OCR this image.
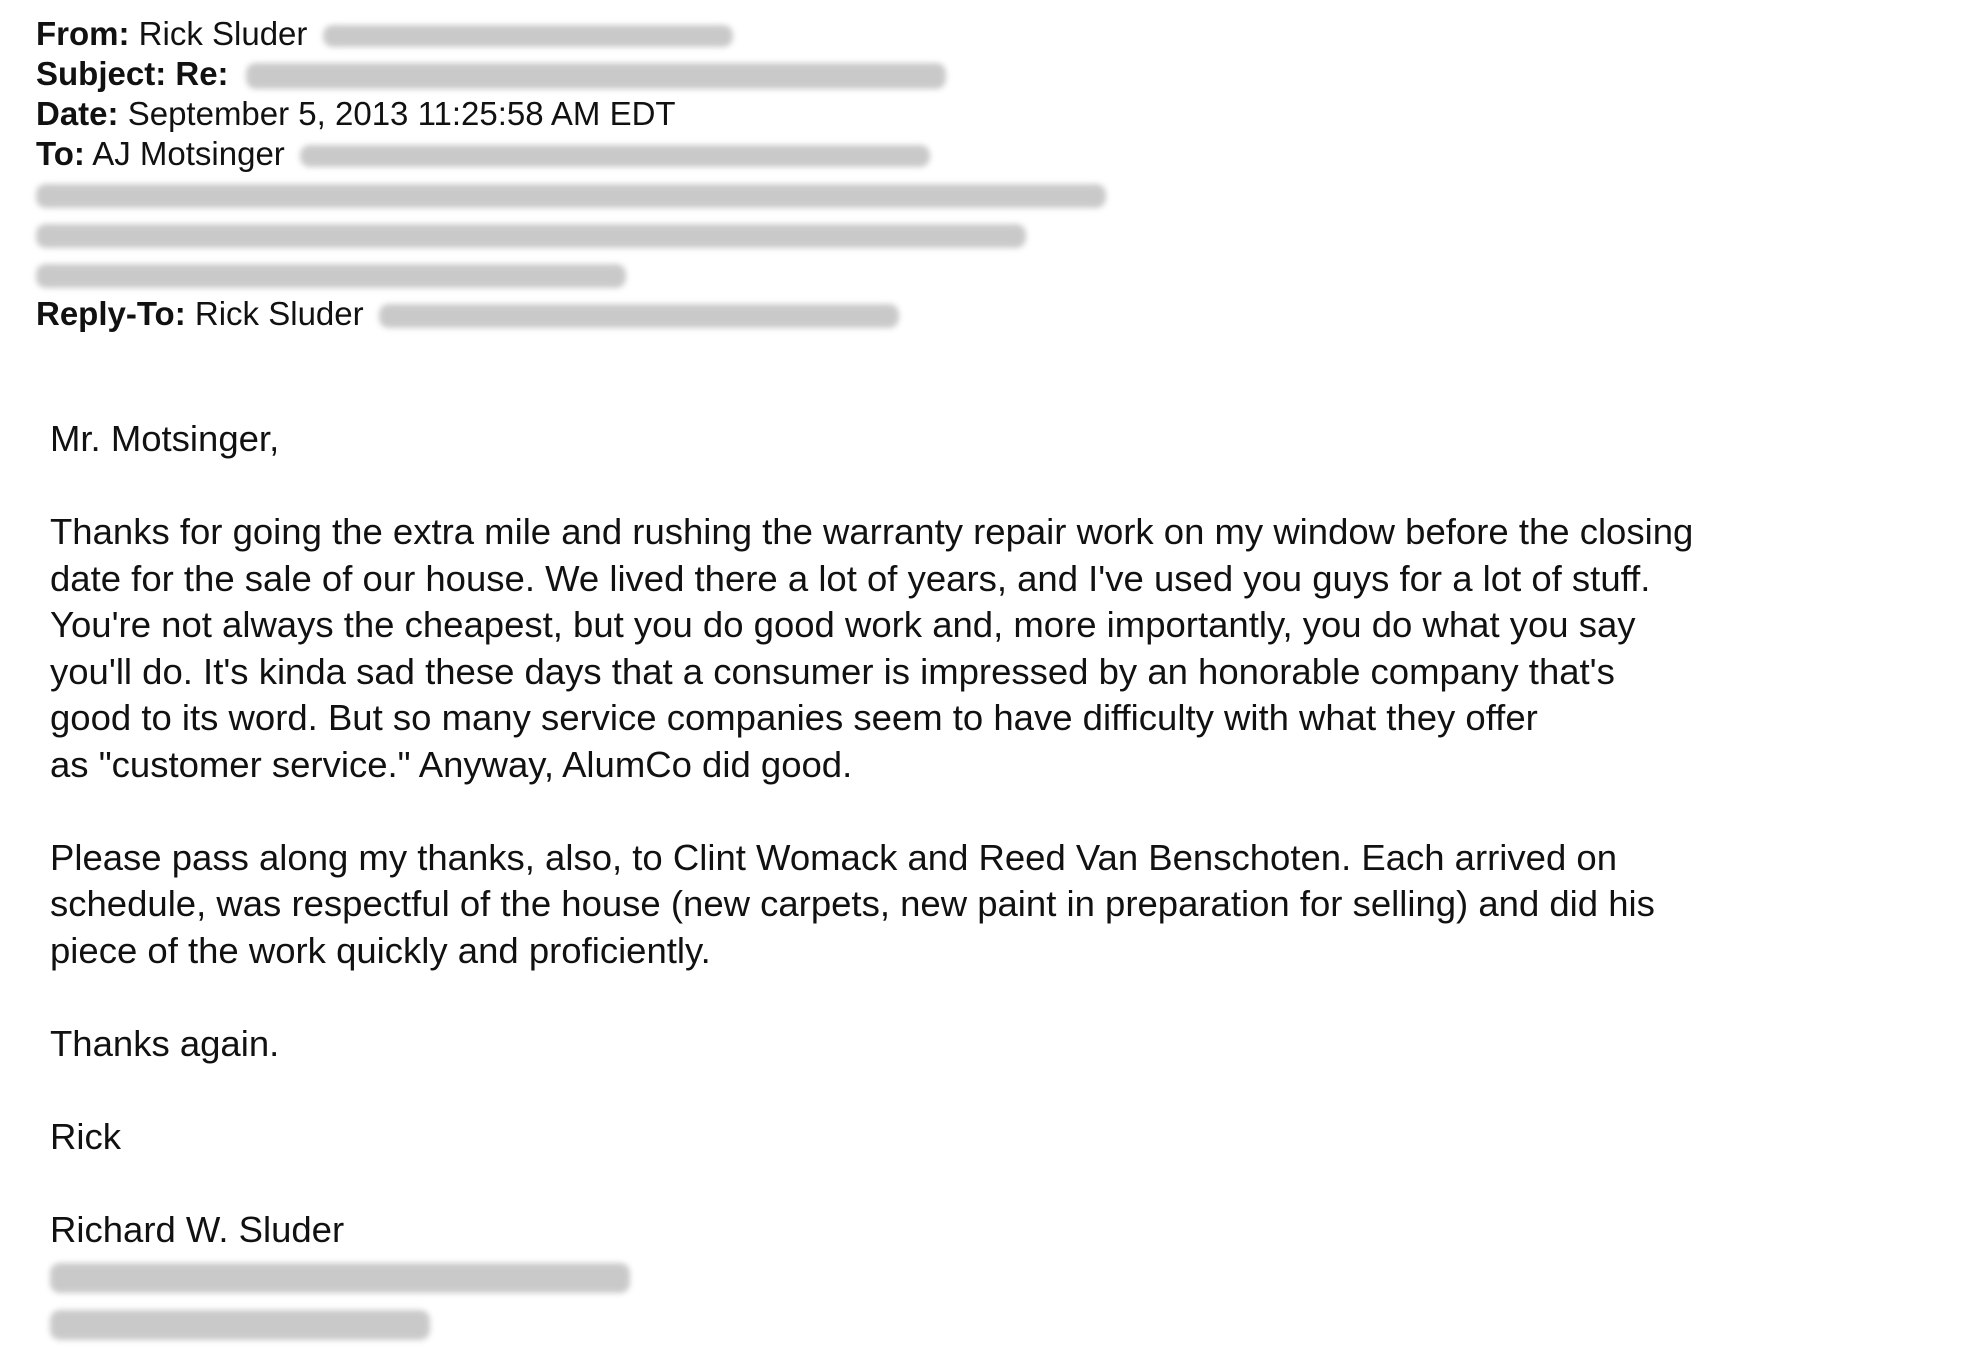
From: Rick Sluder
Subject: Re:
Date: September 5, 2013 11:25:58 AM EDT
To: AJ Motsinger
Reply-To: Rick Sluder
Mr. Motsinger,
Thanks for going the extra mile and rushing the warranty repair work on my window before the closing
date for the sale of our house. We lived there a lot of years, and I've used you guys for a lot of stuff.
You're not always the cheapest, but you do good work and, more importantly, you do what you say
you'll do. It's kinda sad these days that a consumer is impressed by an honorable company that's
good to its word. But so many service companies seem to have difficulty with what they offer
as "customer service." Anyway, AlumCo did good.
Please pass along my thanks, also, to Clint Womack and Reed Van Benschoten. Each arrived on
schedule, was respectful of the house (new carpets, new paint in preparation for selling) and did his
piece of the work quickly and proficiently.
Thanks again.
Rick
Richard W. Sluder
